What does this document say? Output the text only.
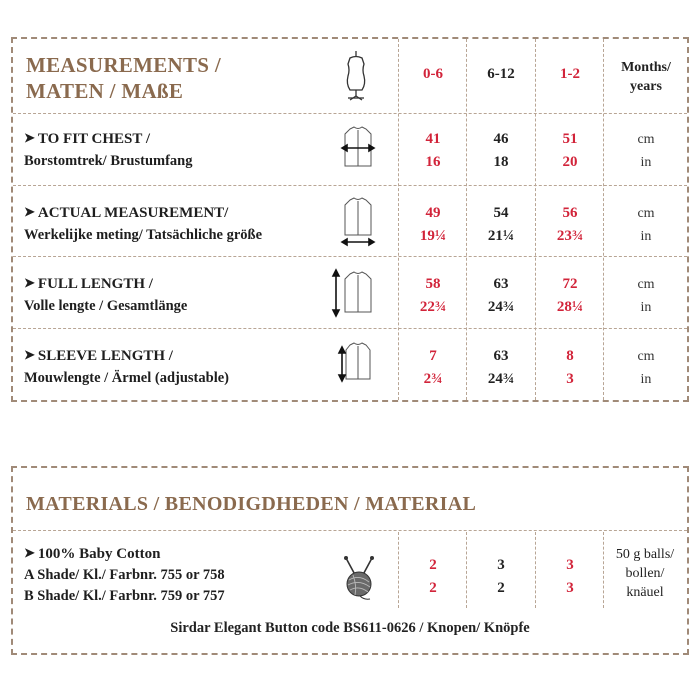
MEASUREMENTS /
MATEN / MAßE
0-6	6-12	1-2	Months/
years
➤ TO FIT CHEST /
Borstomtrek/ Brustumfang
41	46	51	cm
16	18	20	in
➤ ACTUAL MEASUREMENT/
Werkelijke meting/ Tatsächliche größe
49	54	56	cm
19¼	21¼	23¾	in
➤ FULL LENGTH /
Volle lengte / Gesamtlänge
58	63	72	cm
22¾	24¾	28¼	in
➤ SLEEVE LENGTH /
Mouwlengte / Ärmel (adjustable)
7	63	8	cm
2¾	24¾	3	in
MATERIALS / BENODIGDHEDEN / MATERIAL
➤ 100% Baby Cotton
A Shade/ Kl./ Farbnr. 755 or 758
B Shade/ Kl./ Farbnr. 759 or 757
2	3	3
2	2	3
50 g balls/
bollen/
knäuel
Sirdar Elegant Button code BS611-0626 / Knopen/ Knöpfe
